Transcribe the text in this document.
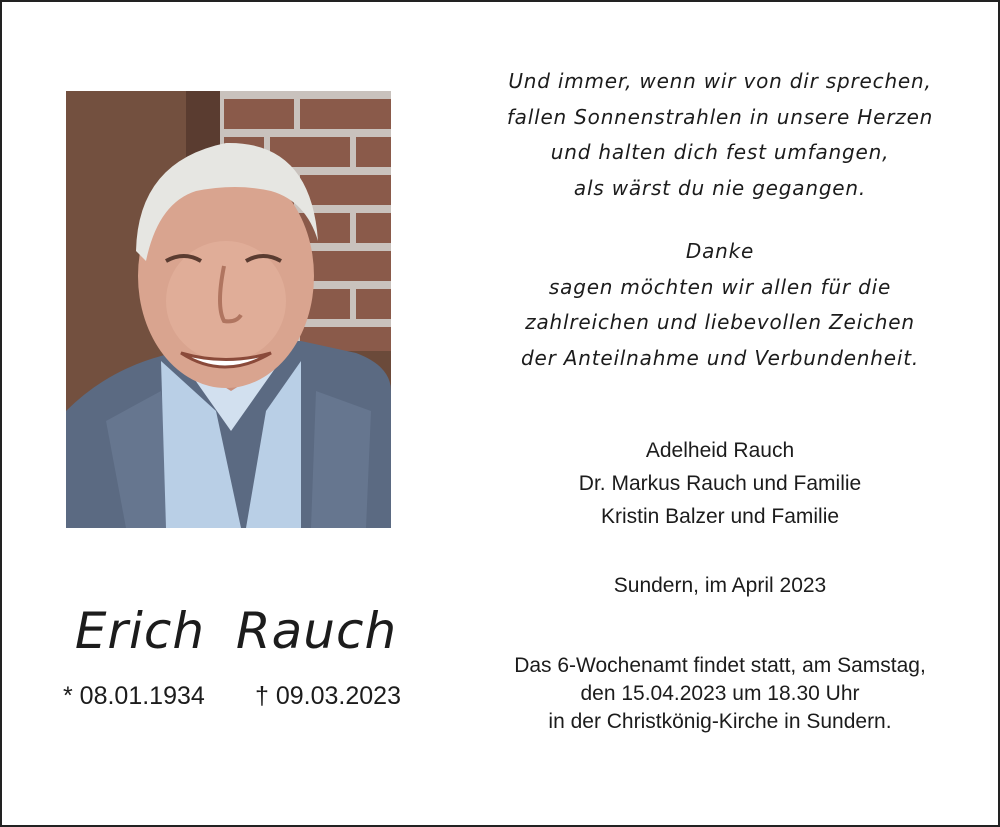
Erich Rauch
* 08.01.1934 † 09.03.2023
Und immer, wenn wir von dir sprechen,
fallen Sonnenstrahlen in unsere Herzen
und halten dich fest umfangen,
als wärst du nie gegangen.
Danke
sagen möchten wir allen für die
zahlreichen und liebevollen Zeichen
der Anteilnahme und Verbundenheit.
Adelheid Rauch
Dr. Markus Rauch und Familie
Kristin Balzer und Familie
Sundern, im April 2023
Das 6-Wochenamt findet statt, am Samstag,
den 15.04.2023 um 18.30 Uhr
in der Christkönig-Kirche in Sundern.
